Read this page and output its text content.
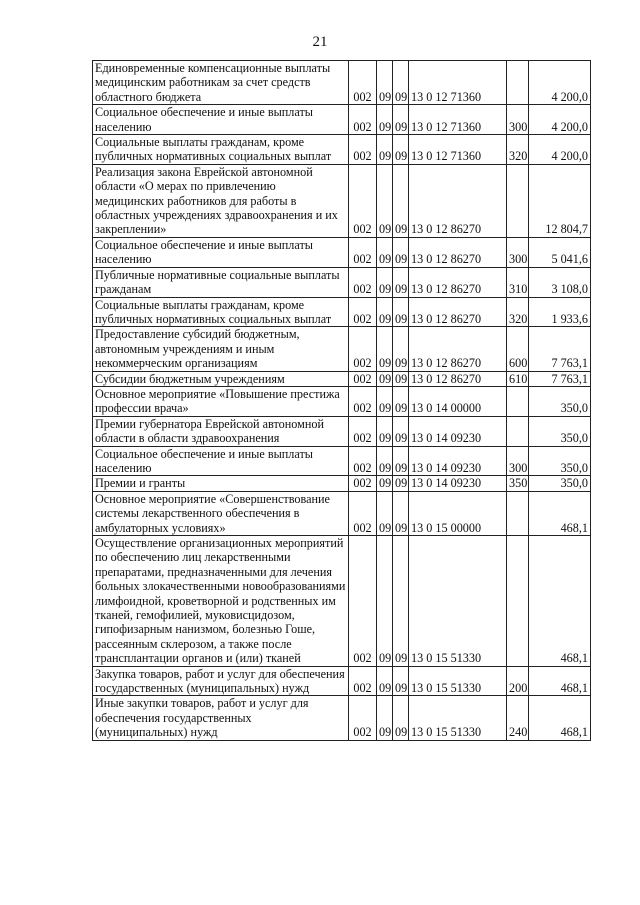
21
Единовременные компенсационные выплаты медицинским работникам за счет средств областного бюджета	002	09	09	13 0 12 71360		4 200,0
Социальное обеспечение и иные выплаты населению	002	09	09	13 0 12 71360	300	4 200,0
Социальные выплаты гражданам, кроме публичных нормативных социальных выплат	002	09	09	13 0 12 71360	320	4 200,0
Реализация закона Еврейской автономной области «О мерах по привлечению медицинских работников для работы в областных учреждениях здравоохранения и их закреплении»	002	09	09	13 0 12 86270		12 804,7
Социальное обеспечение и иные выплаты населению	002	09	09	13 0 12 86270	300	5 041,6
Публичные нормативные социальные выплаты гражданам	002	09	09	13 0 12 86270	310	3 108,0
Социальные выплаты гражданам, кроме публичных нормативных социальных выплат	002	09	09	13 0 12 86270	320	1 933,6
Предоставление субсидий бюджетным, автономным учреждениям и иным некоммерческим организациям	002	09	09	13 0 12 86270	600	7 763,1
Субсидии бюджетным учреждениям	002	09	09	13 0 12 86270	610	7 763,1
Основное мероприятие «Повышение престижа профессии врача»	002	09	09	13 0 14 00000		350,0
Премии губернатора Еврейской автономной области в области здравоохранения	002	09	09	13 0 14 09230		350,0
Социальное обеспечение и иные выплаты населению	002	09	09	13 0 14 09230	300	350,0
Премии и гранты	002	09	09	13 0 14 09230	350	350,0
Основное мероприятие «Совершенствование системы лекарственного обеспечения в амбулаторных условиях»	002	09	09	13 0 15 00000		468,1
Осуществление организационных мероприятий по обеспечению лиц лекарственными препаратами, предназначенными для лечения больных злокачественными новообразованиями лимфоидной, кроветворной и родственных им тканей, гемофилией, муковисцидозом, гипофизарным нанизмом, болезнью Гоше, рассеянным склерозом, а также после трансплантации органов и (или) тканей	002	09	09	13 0 15 51330		468,1
Закупка товаров, работ и услуг для обеспечения государственных (муниципальных) нужд	002	09	09	13 0 15 51330	200	468,1
Иные закупки товаров, работ и услуг для обеспечения государственных (муниципальных) нужд	002	09	09	13 0 15 51330	240	468,1
